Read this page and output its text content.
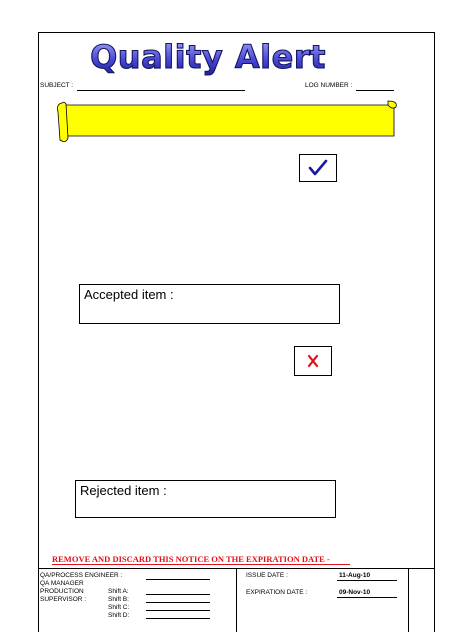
Quality Alert
SUBJECT :	LOG NUMBER :
Accepted item :
Rejected item :
REMOVE AND DISCARD THIS NOTICE ON THE EXPIRATION DATE -
QA/PROCESS ENGINEER :
QA MANAGER
PRODUCTION
SUPERVISOR :
Shift A:
Shift B:
Shift C:
Shift D:
ISSUE DATE :	11-Aug-10
EXPIRATION DATE :	09-Nov-10
